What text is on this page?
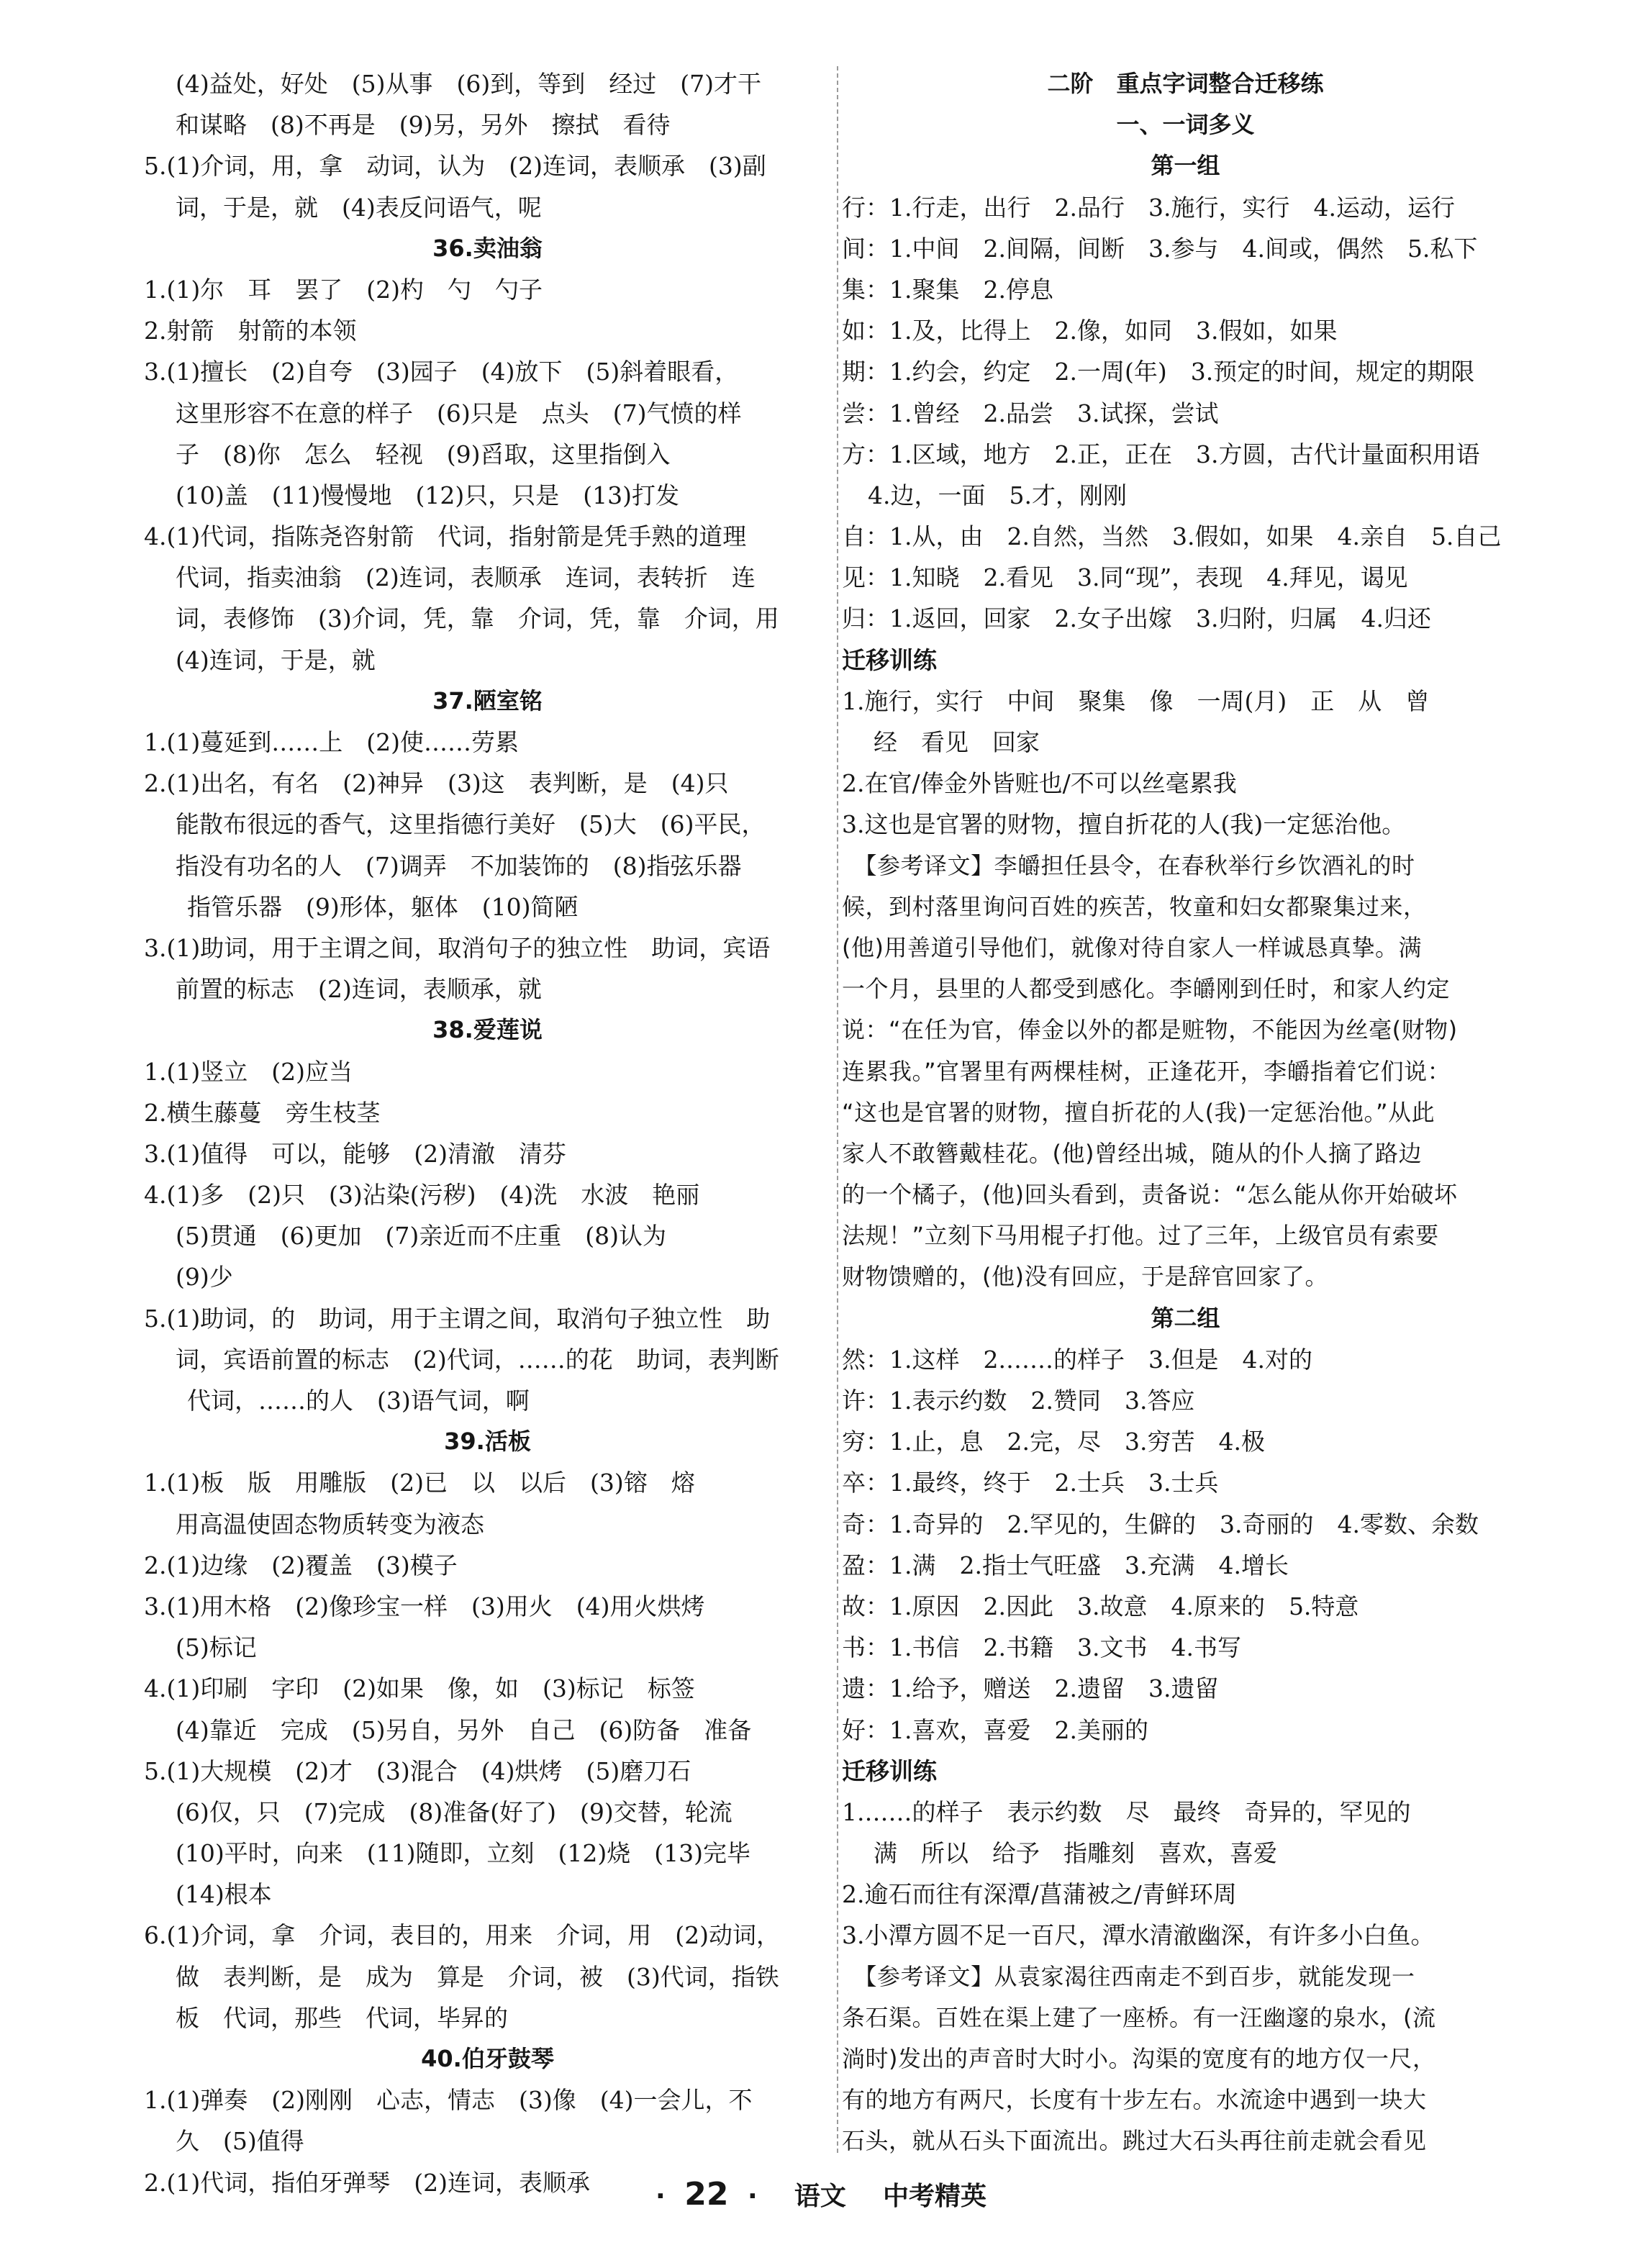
(4)益处，好处　(5)从事　(6)到，等到　经过　(7)才干
和谋略　(8)不再是　(9)另，另外　擦拭　看待
5.(1)介词，用，拿　动词，认为　(2)连词，表顺承　(3)副
词，于是，就　(4)表反问语气，呢
36.卖油翁
1.(1)尔　耳　罢了　(2)杓　勺　勺子
2.射箭　射箭的本领
3.(1)擅长　(2)自夸　(3)园子　(4)放下　(5)斜着眼看，
这里形容不在意的样子　(6)只是　点头　(7)气愤的样
子　(8)你　怎么　轻视　(9)舀取，这里指倒入
(10)盖　(11)慢慢地　(12)只，只是　(13)打发
4.(1)代词，指陈尧咨射箭　代词，指射箭是凭手熟的道理
代词，指卖油翁　(2)连词，表顺承　连词，表转折　连
词，表修饰　(3)介词，凭，靠　介词，凭，靠　介词，用
(4)连词，于是，就
37.陋室铭
1.(1)蔓延到……上　(2)使……劳累
2.(1)出名，有名　(2)神异　(3)这　表判断，是　(4)只
能散布很远的香气，这里指德行美好　(5)大　(6)平民，
指没有功名的人　(7)调弄　不加装饰的　(8)指弦乐器
指管乐器　(9)形体，躯体　(10)简陋
3.(1)助词，用于主谓之间，取消句子的独立性　助词，宾语
前置的标志　(2)连词，表顺承，就
38.爱莲说
1.(1)竖立　(2)应当
2.横生藤蔓　旁生枝茎
3.(1)值得　可以，能够　(2)清澈　清芬
4.(1)多　(2)只　(3)沾染(污秽)　(4)洗　水波　艳丽
(5)贯通　(6)更加　(7)亲近而不庄重　(8)认为
(9)少
5.(1)助词，的　助词，用于主谓之间，取消句子独立性　助
词，宾语前置的标志　(2)代词，……的花　助词，表判断
代词，……的人　(3)语气词，啊
39.活板
1.(1)板　版　用雕版　(2)已　以　以后　(3)镕　熔
用高温使固态物质转变为液态
2.(1)边缘　(2)覆盖　(3)模子
3.(1)用木格　(2)像珍宝一样　(3)用火　(4)用火烘烤
(5)标记
4.(1)印刷　字印　(2)如果　像，如　(3)标记　标签
(4)靠近　完成　(5)另自，另外　自己　(6)防备　准备
5.(1)大规模　(2)才　(3)混合　(4)烘烤　(5)磨刀石
(6)仅，只　(7)完成　(8)准备(好了)　(9)交替，轮流
(10)平时，向来　(11)随即，立刻　(12)烧　(13)完毕
(14)根本
6.(1)介词，拿　介词，表目的，用来　介词，用　(2)动词，
做　表判断，是　成为　算是　介词，被　(3)代词，指铁
板　代词，那些　代词，毕昇的
40.伯牙鼓琴
1.(1)弹奏　(2)刚刚　心志，情志　(3)像　(4)一会儿，不
久　(5)值得
2.(1)代词，指伯牙弹琴　(2)连词，表顺承
二阶　重点字词整合迁移练
一、一词多义
第一组
行：1.行走，出行　2.品行　3.施行，实行　4.运动，运行
间：1.中间　2.间隔，间断　3.参与　4.间或，偶然　5.私下
集：1.聚集　2.停息
如：1.及，比得上　2.像，如同　3.假如，如果
期：1.约会，约定　2.一周(年)　3.预定的时间，规定的期限
尝：1.曾经　2.品尝　3.试探，尝试
方：1.区域，地方　2.正，正在　3.方圆，古代计量面积用语
4.边，一面　5.才，刚刚
自：1.从，由　2.自然，当然　3.假如，如果　4.亲自　5.自己
见：1.知晓　2.看见　3.同“现”，表现　4.拜见，谒见
归：1.返回，回家　2.女子出嫁　3.归附，归属　4.归还
迁移训练
1.施行，实行　中间　聚集　像　一周(月)　正　从　曾
经　看见　回家
2.在官/俸金外皆赃也/不可以丝毫累我
3.这也是官署的财物，擅自折花的人(我)一定惩治他。
　【参考译文】李皭担任县令，在春秋举行乡饮酒礼的时
候，到村落里询问百姓的疾苦，牧童和妇女都聚集过来，
(他)用善道引导他们，就像对待自家人一样诚恳真挚。满
一个月，县里的人都受到感化。李皭刚到任时，和家人约定
说：“在任为官，俸金以外的都是赃物，不能因为丝毫(财物)
连累我。”官署里有两棵桂树，正逢花开，李皭指着它们说：
“这也是官署的财物，擅自折花的人(我)一定惩治他。”从此
家人不敢簪戴桂花。(他)曾经出城，随从的仆人摘了路边
的一个橘子，(他)回头看到，责备说：“怎么能从你开始破坏
法规！”立刻下马用棍子打他。过了三年，上级官员有索要
财物馈赠的，(他)没有回应，于是辞官回家了。
第二组
然：1.这样　2.……的样子　3.但是　4.对的
许：1.表示约数　2.赞同　3.答应
穷：1.止，息　2.完，尽　3.穷苦　4.极
卒：1.最终，终于　2.士兵　3.士兵
奇：1.奇异的　2.罕见的，生僻的　3.奇丽的　4.零数、余数
盈：1.满　2.指士气旺盛　3.充满　4.增长
故：1.原因　2.因此　3.故意　4.原来的　5.特意
书：1.书信　2.书籍　3.文书　4.书写
遗：1.给予，赠送　2.遗留　3.遗留
好：1.喜欢，喜爱　2.美丽的
迁移训练
1.……的样子　表示约数　尽　最终　奇异的，罕见的
满　所以　给予　指雕刻　喜欢，喜爱
2.逾石而往有深潭/菖蒲被之/青鲜环周
3.小潭方圆不足一百尺，潭水清澈幽深，有许多小白鱼。
　【参考译文】从袁家渴往西南走不到百步，就能发现一
条石渠。百姓在渠上建了一座桥。有一汪幽邃的泉水，(流
淌时)发出的声音时大时小。沟渠的宽度有的地方仅一尺，
有的地方有两尺，长度有十步左右。水流途中遇到一块大
石头，就从石头下面流出。跳过大石头再往前走就会看见
· 22 · 语文 中考精英
